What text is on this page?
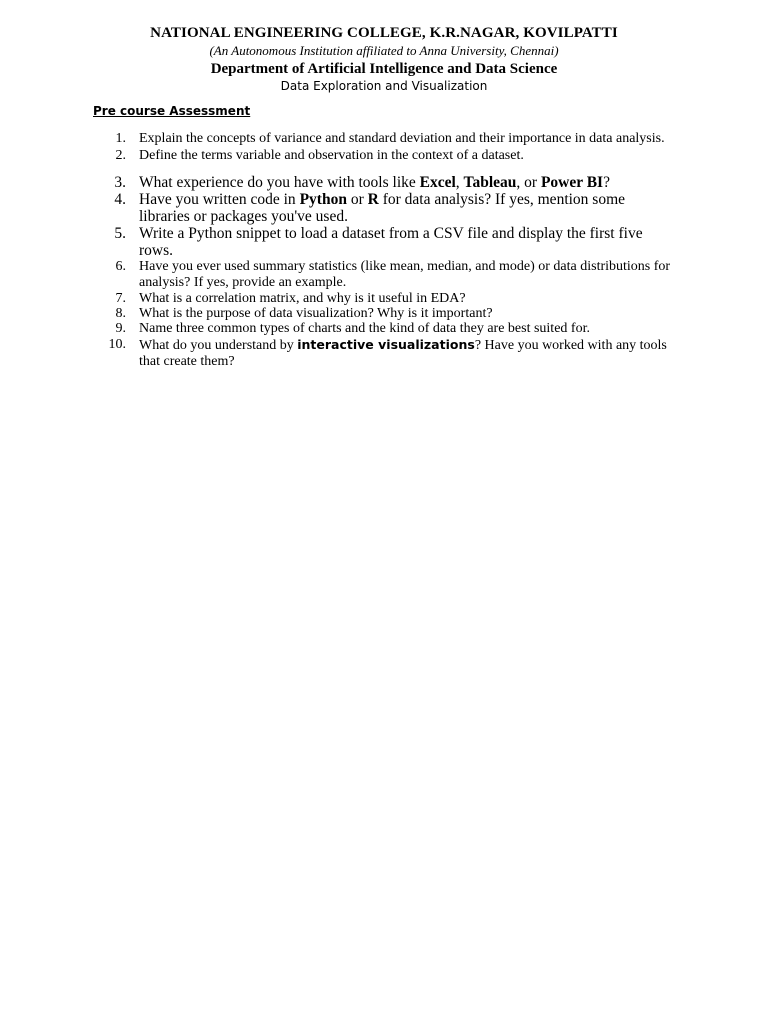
NATIONAL ENGINEERING COLLEGE, K.R.NAGAR, KOVILPATTI
(An Autonomous Institution affiliated to Anna University, Chennai)
Department of Artificial Intelligence and Data Science
Data Exploration and Visualization
Pre course Assessment
1. Explain the concepts of variance and standard deviation and their importance in data analysis.
2. Define the terms variable and observation in the context of a dataset.
3. What experience do you have with tools like Excel, Tableau, or Power BI?
4. Have you written code in Python or R for data analysis? If yes, mention some libraries or packages you've used.
5. Write a Python snippet to load a dataset from a CSV file and display the first five rows.
6. Have you ever used summary statistics (like mean, median, and mode) or data distributions for analysis? If yes, provide an example.
7. What is a correlation matrix, and why is it useful in EDA?
8. What is the purpose of data visualization? Why is it important?
9. Name three common types of charts and the kind of data they are best suited for.
10. What do you understand by interactive visualizations? Have you worked with any tools that create them?
